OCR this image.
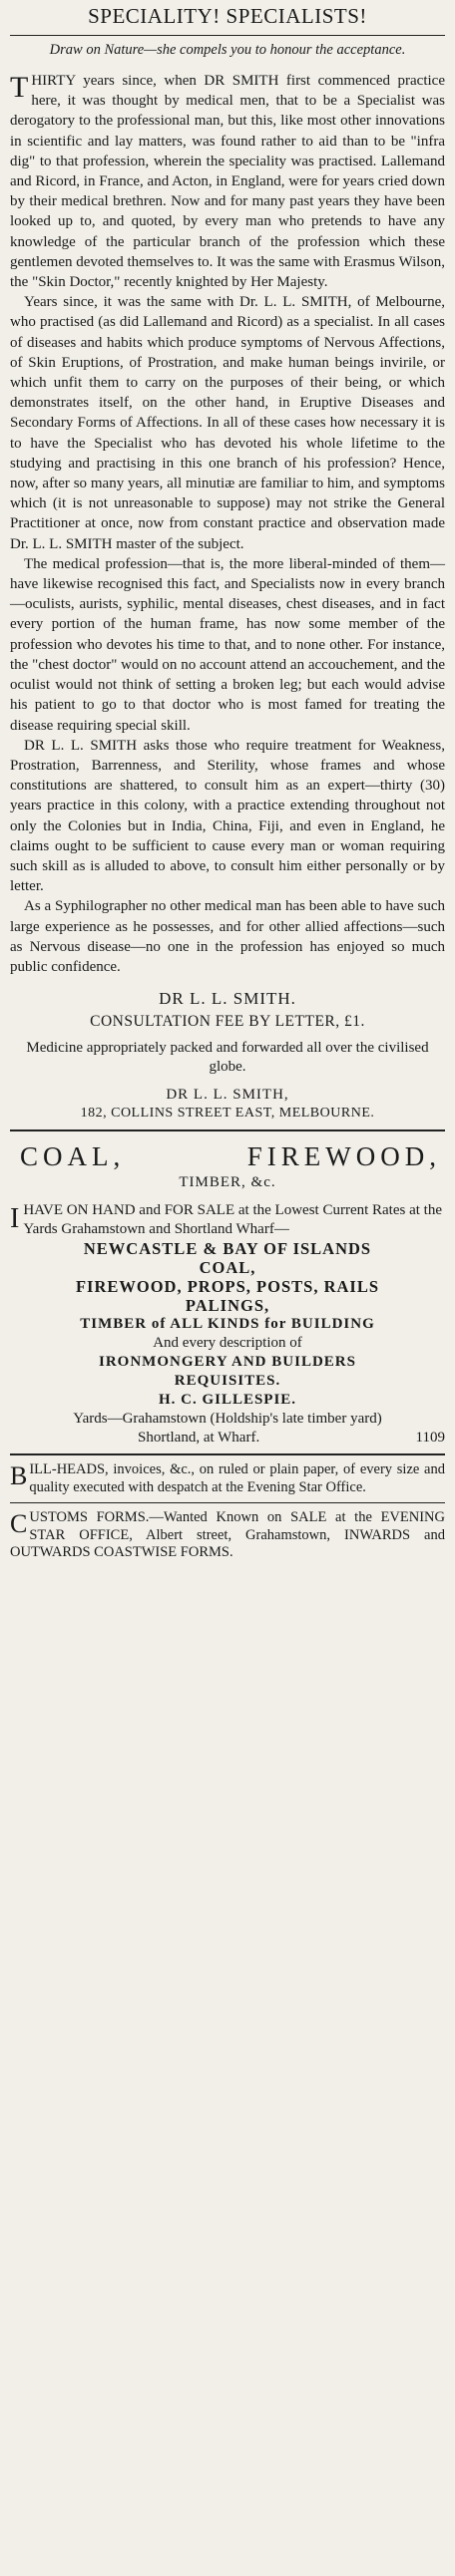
SPECIALITY! SPECIALISTS!
Draw on Nature—she compels you to honour the acceptance.

THIRTY years since, when DR SMITH first commenced practice here, it was thought by medical men, that to be a Specialist was derogatory to the professional man, but this, like most other innovations in scientific and lay matters, was found rather to aid than to be "infra dig" to that profession, wherein the speciality was practised. Lallemand and Ricord, in France, and Acton, in England, were for years cried down by their medical brethren. Now and for many past years they have been looked up to, and quoted, by every man who pretends to have any knowledge of the particular branch of the profession which these gentlemen devoted themselves to. It was the same with Erasmus Wilson, the "Skin Doctor," recently knighted by Her Majesty.

Years since, it was the same with Dr. L. L. SMITH, of Melbourne, who practised (as did Lallemand and Ricord) as a specialist. In all cases of diseases and habits which produce symptoms of Nervous Affections, of Skin Eruptions, of Prostration, and make human beings invirile, or which unfit them to carry on the purposes of their being, or which demonstrates itself, on the other hand, in Eruptive Diseases and Secondary Forms of Affections. In all of these cases how necessary it is to have the Specialist who has devoted his whole lifetime to the studying and practising in this one branch of his profession? Hence, now, after so many years, all minutiæ are familiar to him, and symptoms which (it is not unreasonable to suppose) may not strike the General Practitioner at once, now from constant practice and observation made Dr. L. L. SMITH master of the subject.

The medical profession—that is, the more liberal-minded of them—have likewise recognised this fact, and Specialists now in every branch—oculists, aurists, syphilic, mental diseases, chest diseases, and in fact every portion of the human frame, has now some member of the profession who devotes his time to that, and to none other. For instance, the "chest doctor" would on no account attend an accouchement, and the oculist would not think of setting a broken leg; but each would advise his patient to go to that doctor who is most famed for treating the disease requiring special skill.

DR L. L. SMITH asks those who require treatment for Weakness, Prostration, Barrenness, and Sterility, whose frames and whose constitutions are shattered, to consult him as an expert—thirty (30) years practice in this colony, with a practice extending throughout not only the Colonies but in India, China, Fiji, and even in England, he claims ought to be sufficient to cause every man or woman requiring such skill as is alluded to above, to consult him either personally or by letter.

As a Syphilographer no other medical man has been able to have such large experience as he possesses, and for other allied affections—such as Nervous disease—no one in the profession has enjoyed so much public confidence.

DR L. L. SMITH.
CONSULTATION FEE BY LETTER, £1.
Medicine appropriately packed and forwarded all over the civilised globe.
DR L. L. SMITH,
182, COLLINS STREET EAST, MELBOURNE.
COAL,	FIREWOOD,
TIMBER, &c.

IHAVE ON HAND and FOR SALE at the Lowest Current Rates at the Yards Grahamstown and Shortland Wharf—

NEWCASTLE & BAY OF ISLANDS

COAL,

FIREWOOD, PROPS, POSTS, RAILS

PALINGS,

TIMBER of ALL KINDS for BUILDING

And every description of

IRONMONGERY AND BUILDERS

REQUISITES.

H. C. GILLESPIE.

Yards—Grahamstown (Holdship's late timber yard)

Shortland, at Wharf.	1109

BILL-HEADS, invoices, &c., on ruled or plain paper, of every size and quality executed with despatch at the Evening Star Office.

CUSTOMS FORMS.—Wanted Known on SALE at the EVENING STAR OFFICE, Albert street, Grahamstown, INWARDS and OUTWARDS COASTWISE FORMS.
